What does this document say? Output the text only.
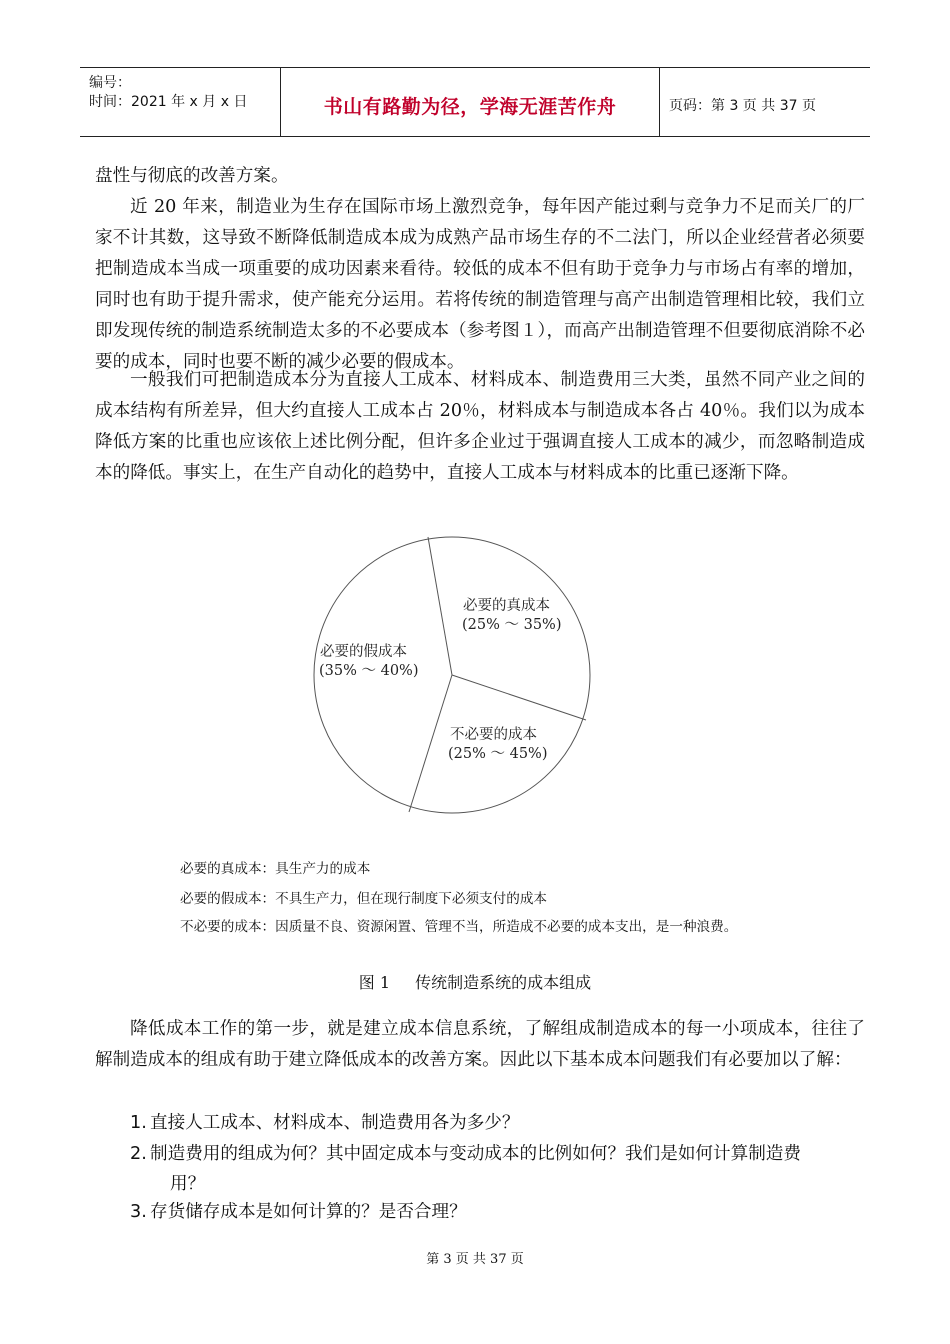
编号：
时间：2021 年 x 月 x 日	书山有路勤为径，学海无涯苦作舟	页码：第 3 页 共 37 页
盘性与彻底的改善方案。
近 20 年来，制造业为生存在国际市场上激烈竞争，每年因产能过剩与竞争力不足而关厂的厂家不计其数，这导致不断降低制造成本成为成熟产品市场生存的不二法门，所以企业经营者必须要把制造成本当成一项重要的成功因素来看待。较低的成本不但有助于竞争力与市场占有率的增加，同时也有助于提升需求，使产能充分运用。若将传统的制造管理与高产出制造管理相比较，我们立即发现传统的制造系统制造太多的不必要成本（参考图１），而高产出制造管理不但要彻底消除不必要的成本，同时也要不断的减少必要的假成本。
一般我们可把制造成本分为直接人工成本、材料成本、制造费用三大类，虽然不同产业之间的成本结构有所差异，但大约直接人工成本占 20％，材料成本与制造成本各占 40％。我们以为成本降低方案的比重也应该依上述比例分配，但许多企业过于强调直接人工成本的减少，而忽略制造成本的降低。事实上，在生产自动化的趋势中，直接人工成本与材料成本的比重已逐渐下降。
必要的真成本
(25% ～ 35%)
必要的假成本
(35% ～ 40%)
不必要的成本
(25% ～ 45%)
必要的真成本：具生产力的成本
必要的假成本：不具生产力，但在现行制度下必须支付的成本
不必要的成本：因质量不良、资源闲置、管理不当，所造成不必要的成本支出，是一种浪费。
图 1 传统制造系统的成本组成
降低成本工作的第一步，就是建立成本信息系统，了解组成制造成本的每一小项成本，往往了解制造成本的组成有助于建立降低成本的改善方案。因此以下基本成本问题我们有必要加以了解：
1. 直接人工成本、材料成本、制造费用各为多少？
2. 制造费用的组成为何？其中固定成本与变动成本的比例如何？我们是如何计算制造费
用？
3. 存货储存成本是如何计算的？是否合理？
第 3 页 共 37 页
